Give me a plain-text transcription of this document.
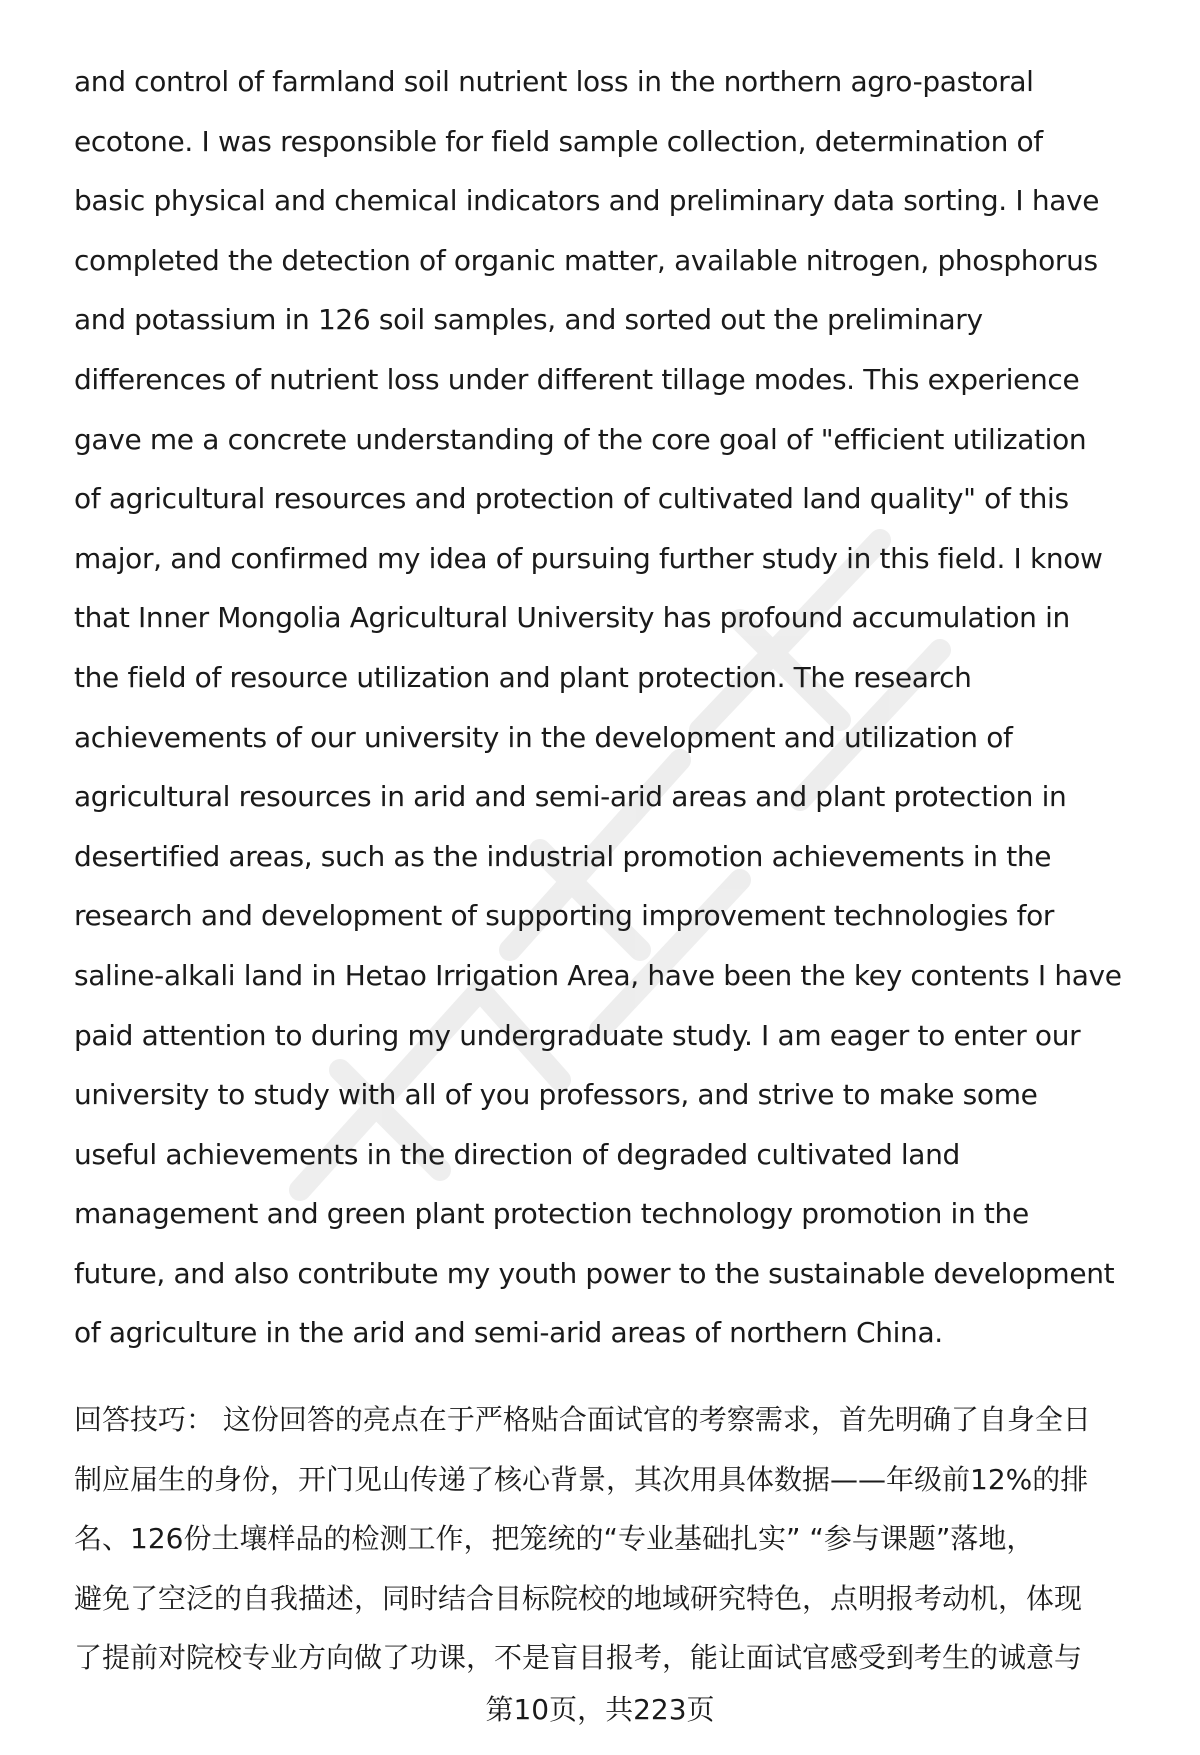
and control of farmland soil nutrient loss in the northern agro-pastoral
ecotone. I was responsible for field sample collection, determination of
basic physical and chemical indicators and preliminary data sorting. I have
completed the detection of organic matter, available nitrogen, phosphorus
and potassium in 126 soil samples, and sorted out the preliminary
differences of nutrient loss under different tillage modes. This experience
gave me a concrete understanding of the core goal of "efficient utilization
of agricultural resources and protection of cultivated land quality" of this
major, and confirmed my idea of pursuing further study in this field. I know
that Inner Mongolia Agricultural University has profound accumulation in
the field of resource utilization and plant protection. The research
achievements of our university in the development and utilization of
agricultural resources in arid and semi-arid areas and plant protection in
desertified areas, such as the industrial promotion achievements in the
research and development of supporting improvement technologies for
saline-alkali land in Hetao Irrigation Area, have been the key contents I have
paid attention to during my undergraduate study. I am eager to enter our
university to study with all of you professors, and strive to make some
useful achievements in the direction of degraded cultivated land
management and green plant protection technology promotion in the
future, and also contribute my youth power to the sustainable development
of agriculture in the arid and semi-arid areas of northern China.
回答技巧： 这份回答的亮点在于严格贴合面试官的考察需求，首先明确了自身全日
制应届生的身份，开门见山传递了核心背景，其次用具体数据——年级前12%的排
名、126份土壤样品的检测工作，把笼统的“专业基础扎实” “参与课题”落地，
避免了空泛的自我描述，同时结合目标院校的地域研究特色，点明报考动机，体现
了提前对院校专业方向做了功课，不是盲目报考，能让面试官感受到考生的诚意与
第10页，共223页
